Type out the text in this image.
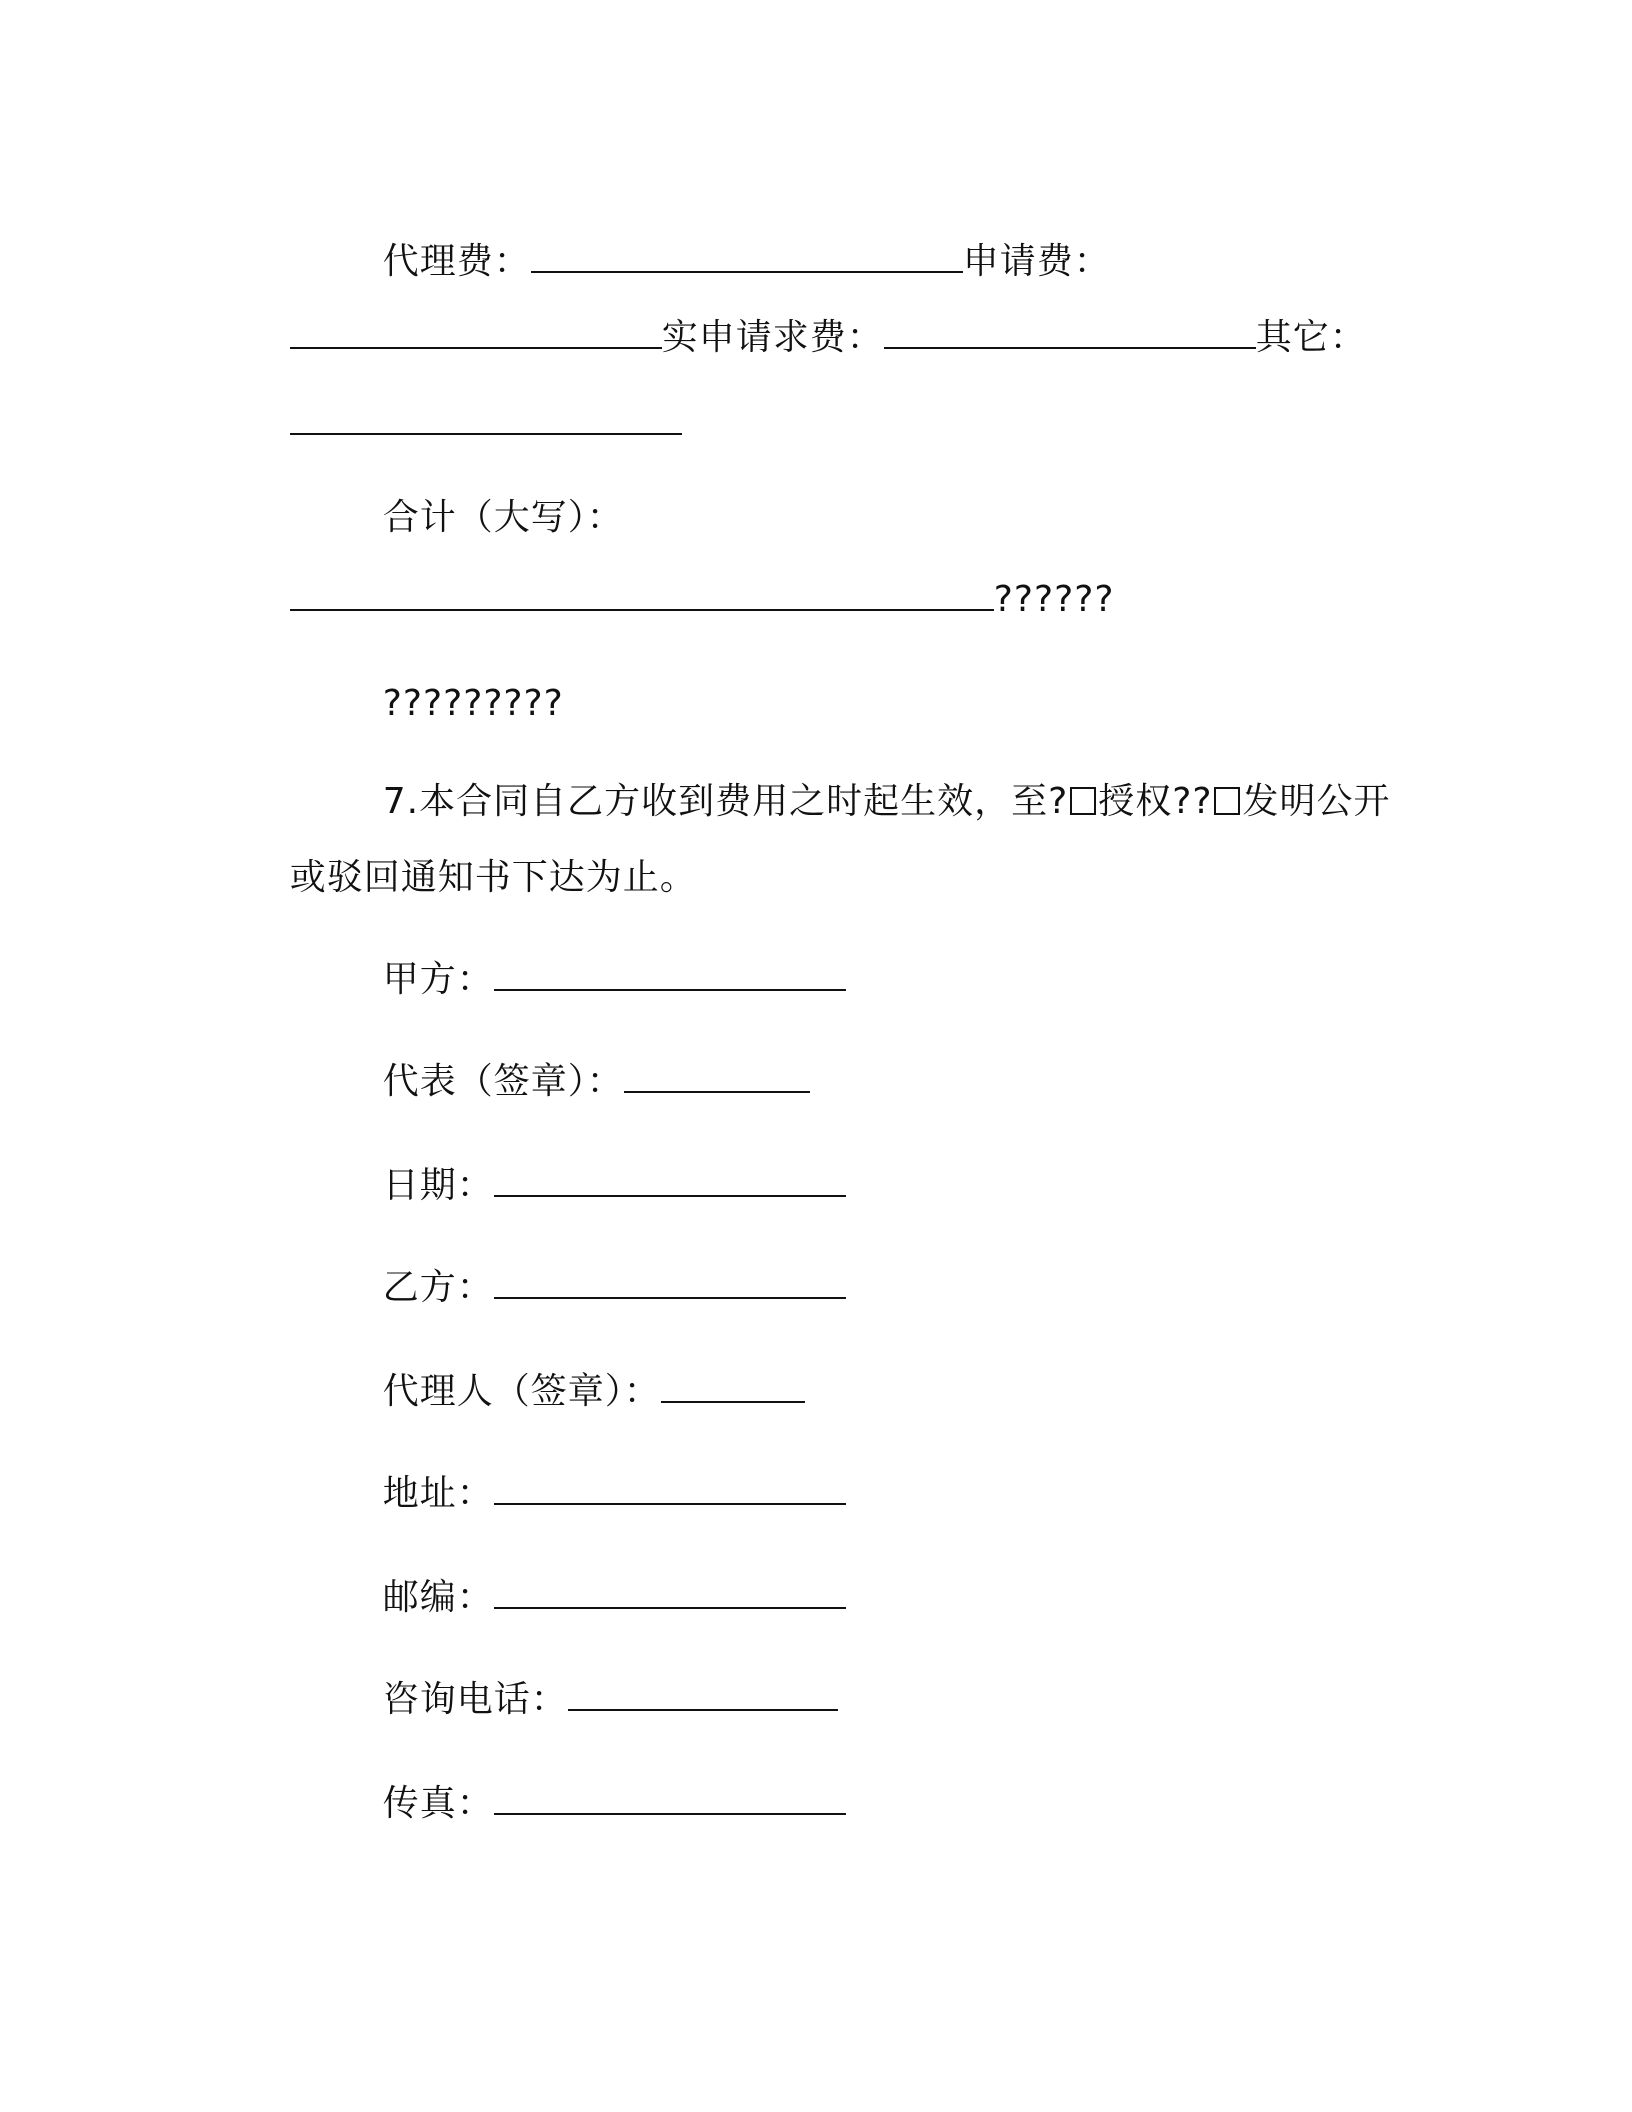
代理费：	申请费：

实申请求费：	其它：

合计（大写）：

??????

?????????

7.本合同自乙方收到费用之时起生效，至? 授权?? 发明公开

或驳回通知书下达为止。

甲方：

代表（签章）：

日期：

乙方：

代理人（签章）：

地址：

邮编：

咨询电话：

传真：
